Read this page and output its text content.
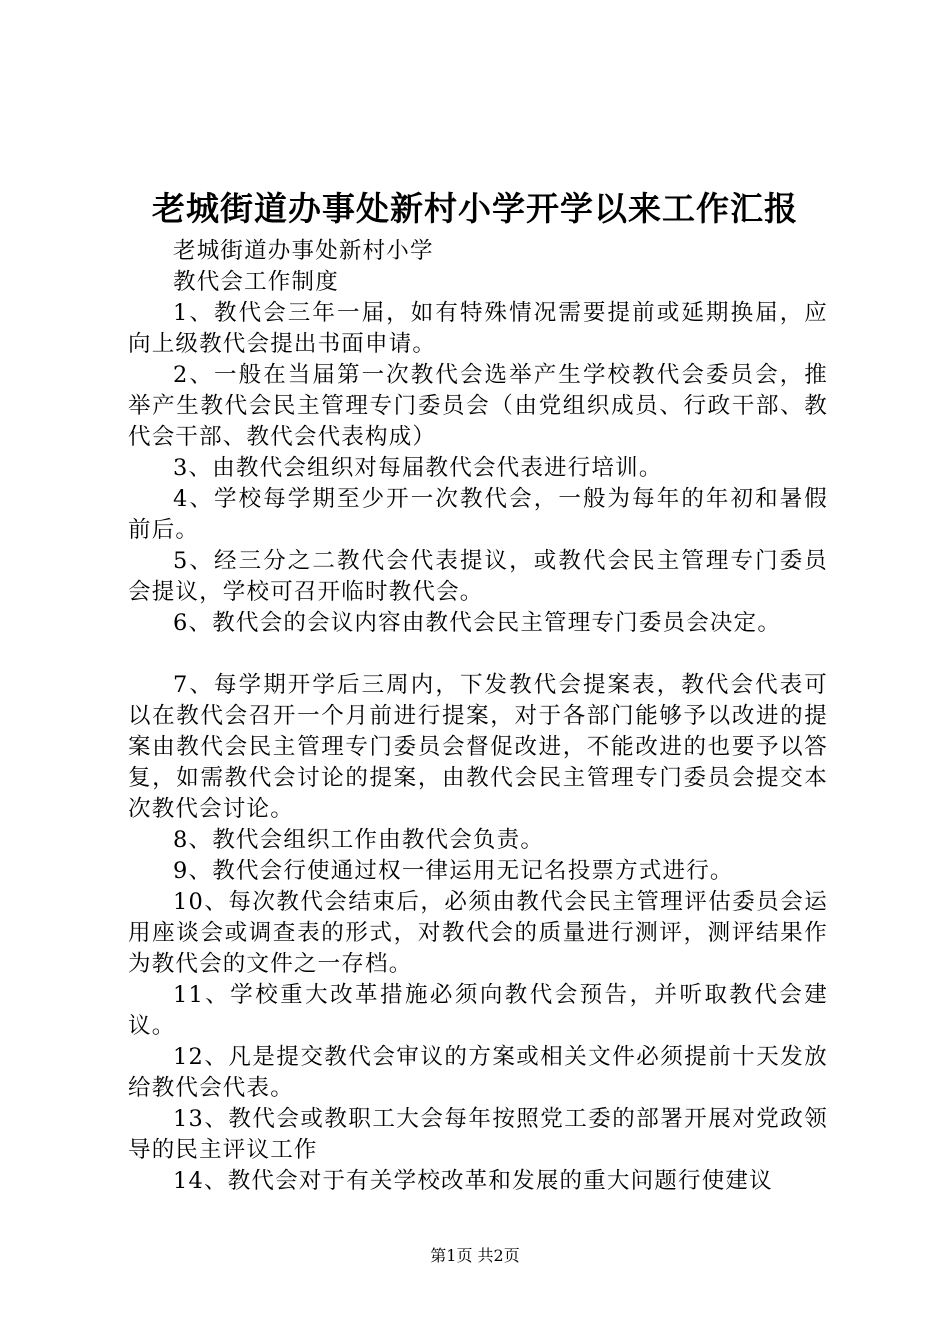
老城街道办事处新村小学开学以来工作汇报

老城街道办事处新村小学

教代会工作制度

1、教代会三年一届，如有特殊情况需要提前或延期换届，应向上级教代会提出书面申请。

2、一般在当届第一次教代会选举产生学校教代会委员会，推举产生教代会民主管理专门委员会（由党组织成员、行政干部、教代会干部、教代会代表构成）

3、由教代会组织对每届教代会代表进行培训。

4、学校每学期至少开一次教代会，一般为每年的年初和暑假前后。

5、经三分之二教代会代表提议，或教代会民主管理专门委员会提议，学校可召开临时教代会。

6、教代会的会议内容由教代会民主管理专门委员会决定。

7、每学期开学后三周内，下发教代会提案表，教代会代表可以在教代会召开一个月前进行提案，对于各部门能够予以改进的提案由教代会民主管理专门委员会督促改进，不能改进的也要予以答复，如需教代会讨论的提案，由教代会民主管理专门委员会提交本次教代会讨论。

8、教代会组织工作由教代会负责。

9、教代会行使通过权一律运用无记名投票方式进行。

10、每次教代会结束后，必须由教代会民主管理评估委员会运用座谈会或调查表的形式，对教代会的质量进行测评，测评结果作为教代会的文件之一存档。

11、学校重大改革措施必须向教代会预告，并听取教代会建议。

12、凡是提交教代会审议的方案或相关文件必须提前十天发放给教代会代表。

13、教代会或教职工大会每年按照党工委的部署开展对党政领导的民主评议工作

14、教代会对于有关学校改革和发展的重大问题行使建议

第1页 共2页
